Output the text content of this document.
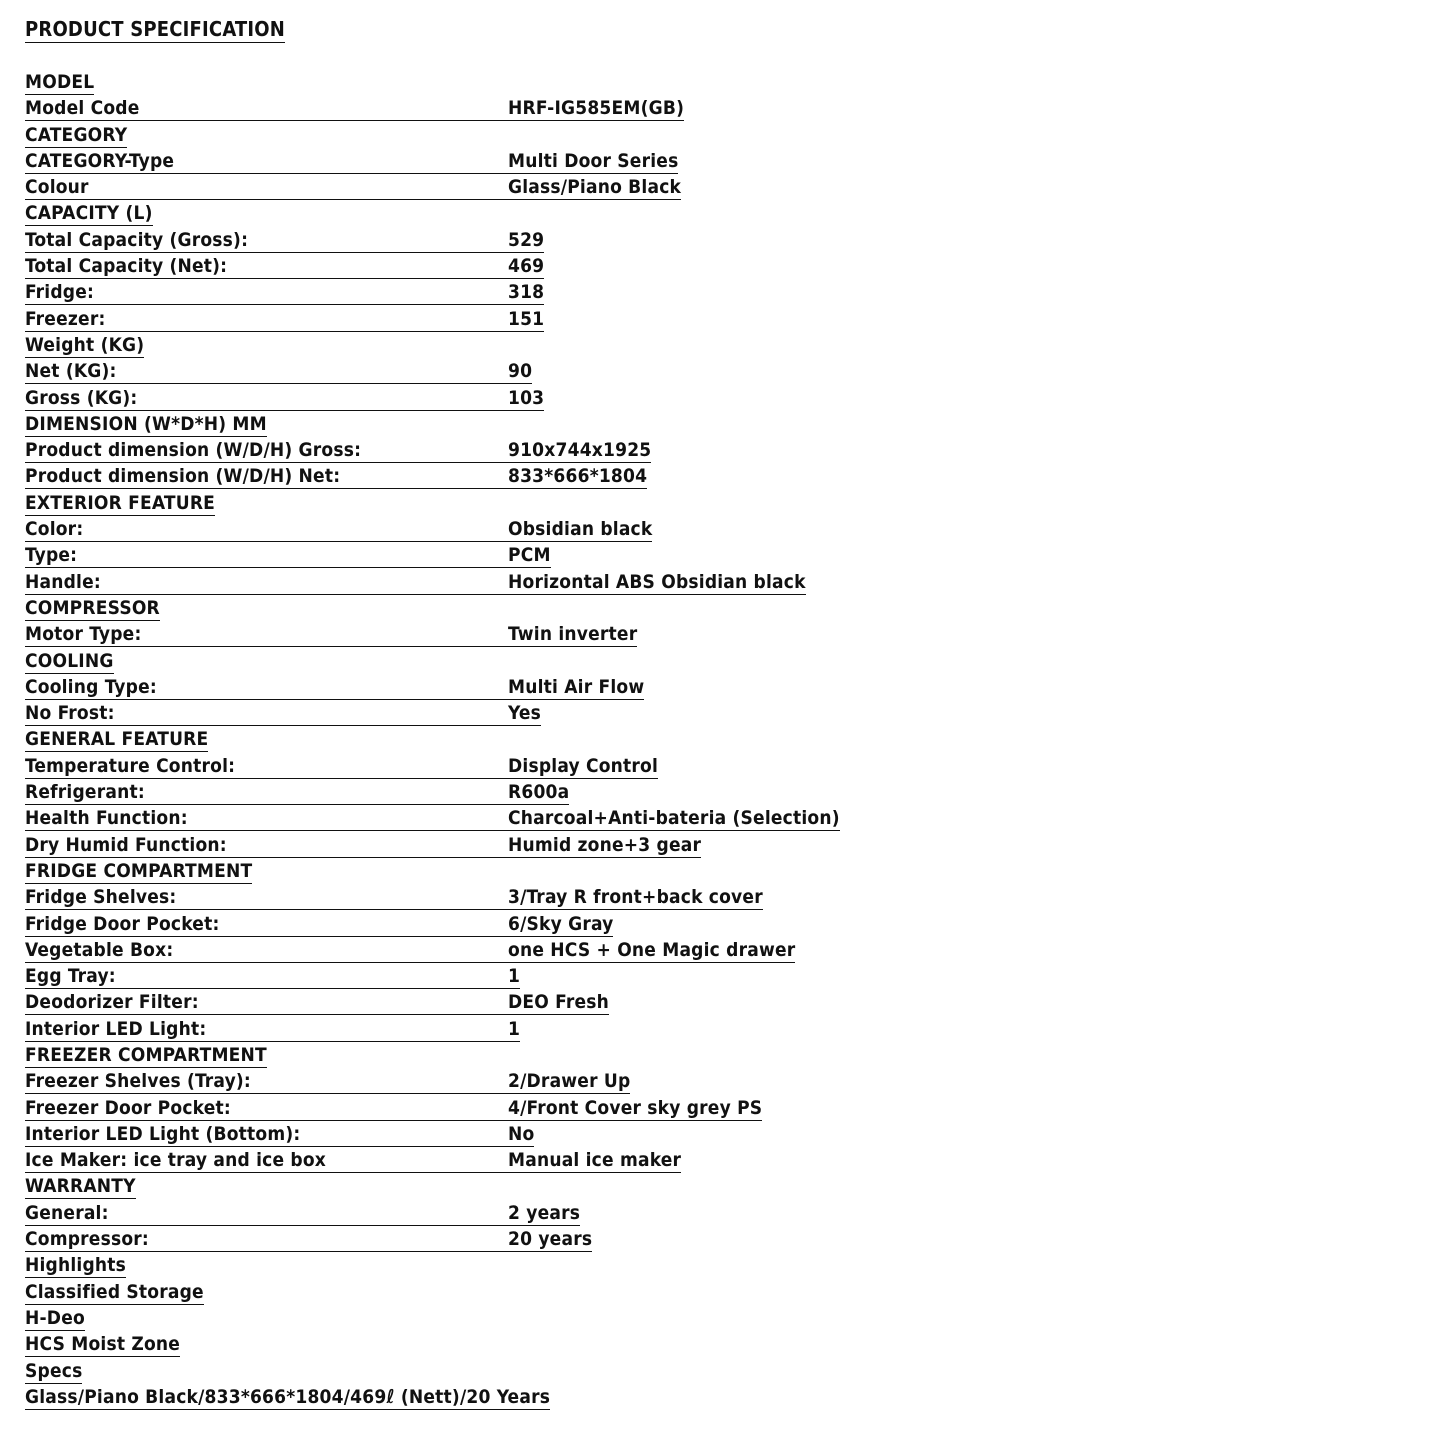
PRODUCT SPECIFICATION
MODEL
Model Code	HRF-IG585EM(GB)
CATEGORY
CATEGORY-Type	Multi Door Series
Colour	Glass/Piano Black
CAPACITY (L)
Total Capacity (Gross):	529
Total Capacity (Net):	469
Fridge:	318
Freezer:	151
Weight (KG)
Net (KG):	90
Gross (KG):	103
DIMENSION (W*D*H) MM
Product dimension (W/D/H) Gross:	910x744x1925
Product dimension (W/D/H) Net:	833*666*1804
EXTERIOR FEATURE
Color:	Obsidian black
Type:	PCM
Handle:	Horizontal ABS Obsidian black
COMPRESSOR
Motor Type:	Twin inverter
COOLING
Cooling Type:	Multi Air Flow
No Frost:	Yes
GENERAL FEATURE
Temperature Control:	Display Control
Refrigerant:	R600a
Health Function:	Charcoal+Anti-bateria (Selection)
Dry Humid Function:	Humid zone+3 gear
FRIDGE COMPARTMENT
Fridge Shelves:	3/Tray R front+back cover
Fridge Door Pocket:	6/Sky Gray
Vegetable Box:	one HCS + One Magic drawer
Egg Tray:	1
Deodorizer Filter:	DEO Fresh
Interior LED Light:	1
FREEZER COMPARTMENT
Freezer Shelves (Tray):	2/Drawer Up
Freezer Door Pocket:	4/Front Cover sky grey PS
Interior LED Light (Bottom):	No
Ice Maker: ice tray and ice box	Manual ice maker
WARRANTY
General:	2 years
Compressor:	20 years
Highlights
Classified Storage
H-Deo
HCS Moist Zone
Specs
Glass/Piano Black/833*666*1804/469ℓ (Nett)/20 Years
